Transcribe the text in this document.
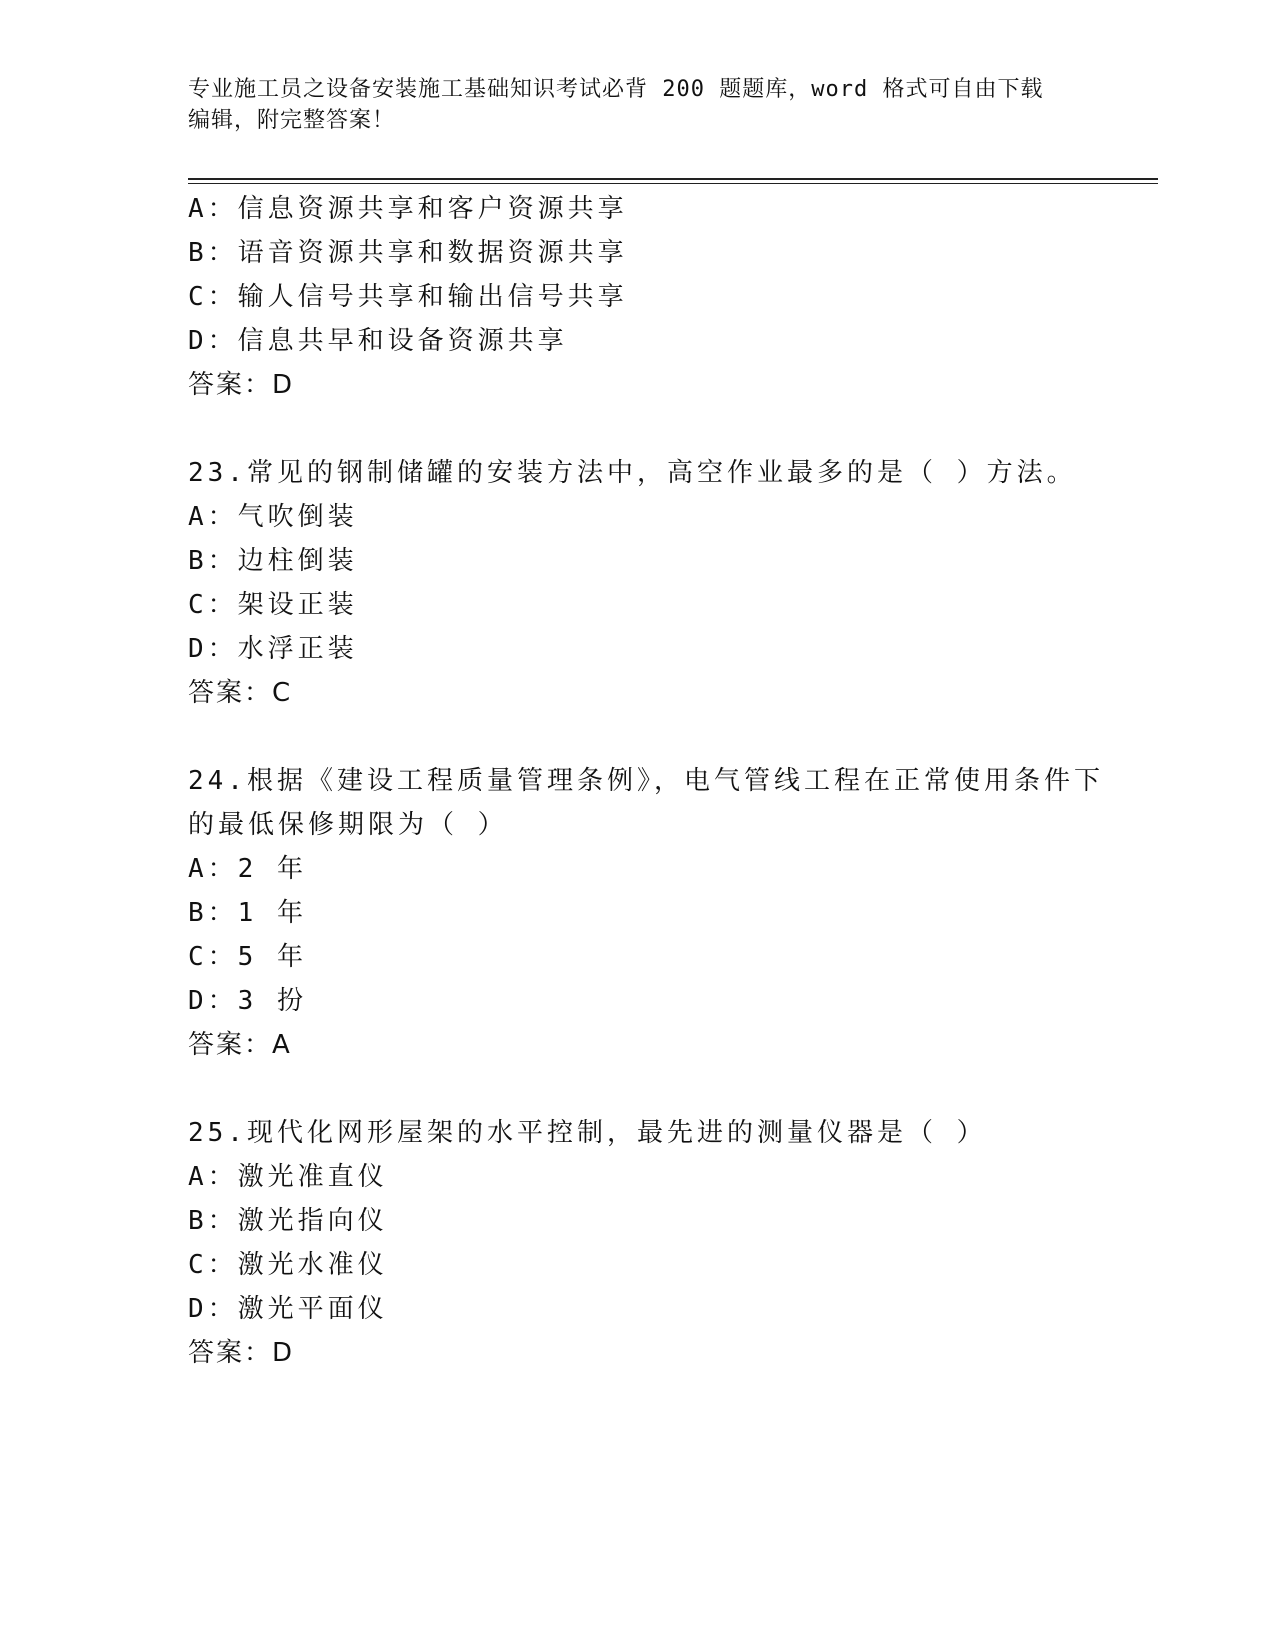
专业施工员之设备安装施工基础知识考试必背 200 题题库，word 格式可自由下载
编辑，附完整答案！
A：信息资源共享和客户资源共享
B：语音资源共享和数据资源共享
C：输人信号共享和输出信号共享
D：信息共早和设备资源共享
答案：D
23.常见的钢制储罐的安装方法中，高空作业最多的是（ ）方法。
A：气吹倒装
B：边柱倒装
C：架设正装
D：水浮正装
答案：C
24.根据《建设工程质量管理条例》，电气管线工程在正常使用条件下
的最低保修期限为（ ）
A：2 年
B：1 年
C：5 年
D：3 扮
答案：A
25.现代化网形屋架的水平控制，最先进的测量仪器是（ ）
A：激光准直仪
B：激光指向仪
C：激光水准仪
D：激光平面仪
答案：D
